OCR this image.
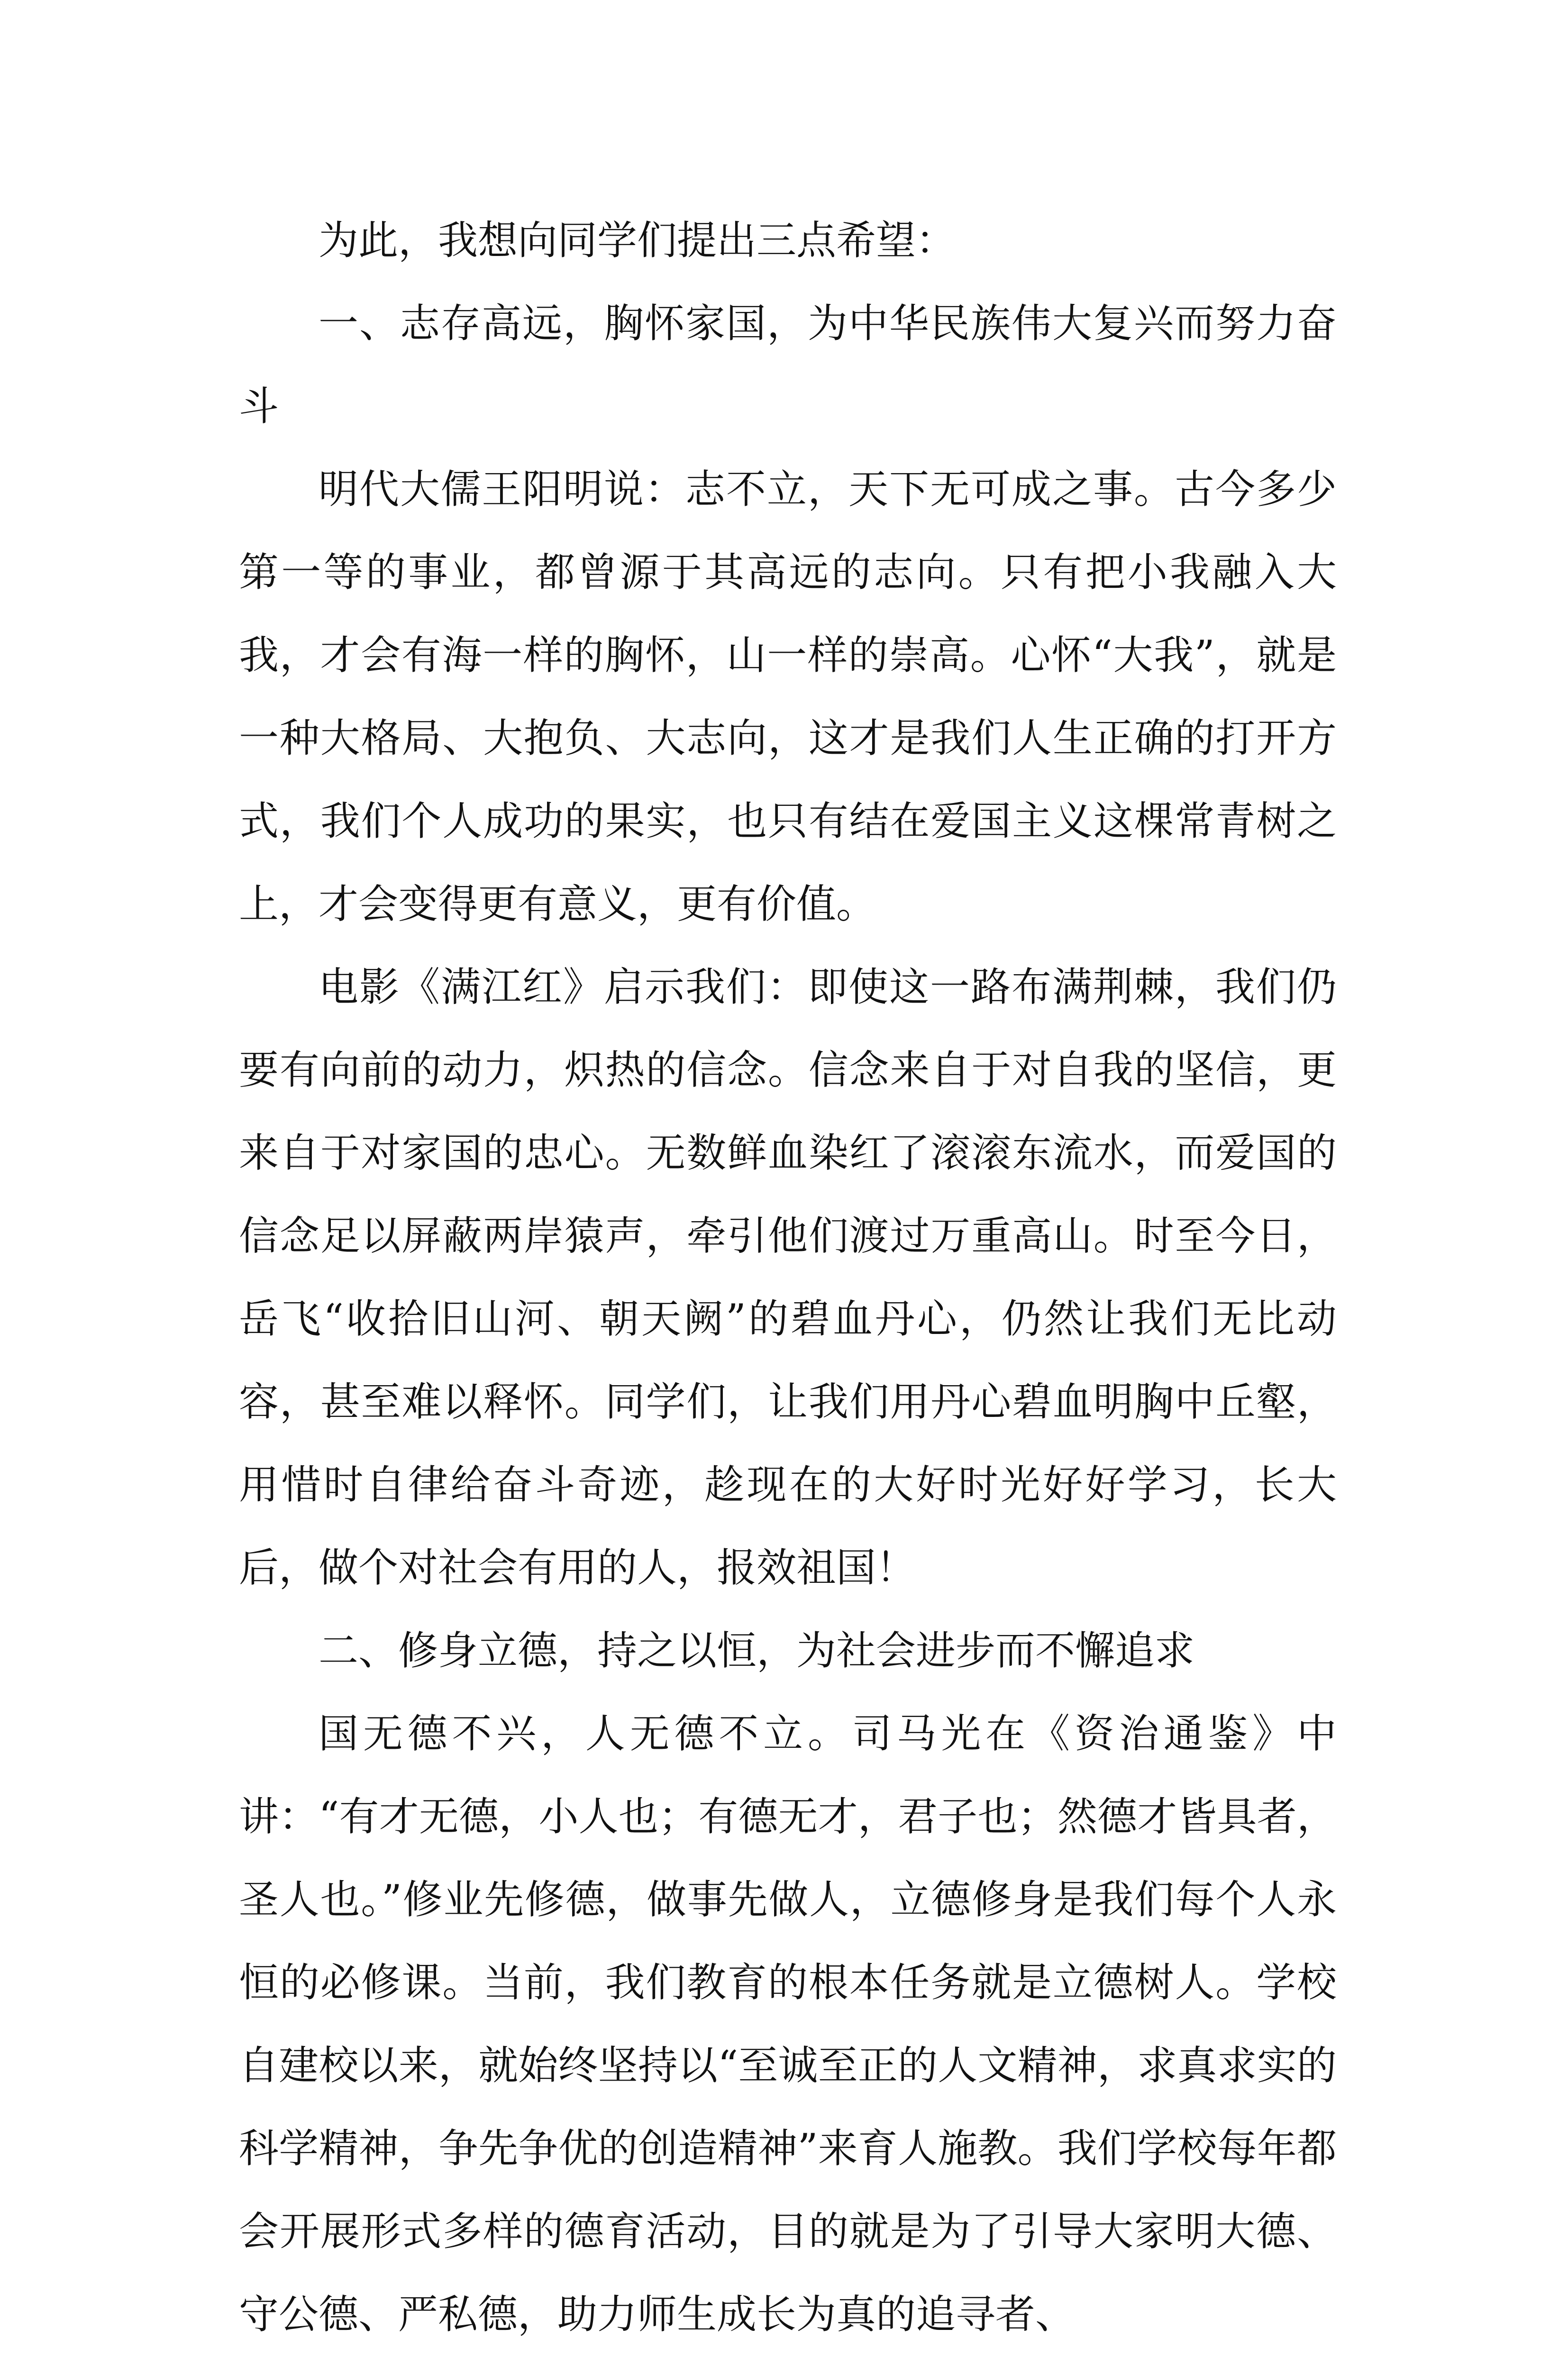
为此，我想向同学们提出三点希望：

一、志存高远，胸怀家国，为中华民族伟大复兴而努力奋斗

明代大儒王阳明说：志不立，天下无可成之事。古今多少第一等的事业，都曾源于其高远的志向。只有把小我融入大我，才会有海一样的胸怀，山一样的崇高。心怀“大我”，就是一种大格局、大抱负、大志向，这才是我们人生正确的打开方式，我们个人成功的果实，也只有结在爱国主义这棵常青树之上，才会变得更有意义，更有价值。

电影《满江红》启示我们：即使这一路布满荆棘，我们仍要有向前的动力，炽热的信念。信念来自于对自我的坚信，更来自于对家国的忠心。无数鲜血染红了滚滚东流水，而爱国的信念足以屏蔽两岸猿声，牵引他们渡过万重高山。时至今日，岳飞“收拾旧山河、朝天阙”的碧血丹心，仍然让我们无比动容，甚至难以释怀。同学们，让我们用丹心碧血明胸中丘壑，用惜时自律给奋斗奇迹，趁现在的大好时光好好学习，长大后，做个对社会有用的人，报效祖国！

二、修身立德，持之以恒，为社会进步而不懈追求

国无德不兴，人无德不立。司马光在《资治通鉴》中讲：“有才无德，小人也；有德无才，君子也；然德才皆具者，圣人也。”修业先修德，做事先做人，立德修身是我们每个人永恒的必修课。当前，我们教育的根本任务就是立德树人。学校自建校以来，就始终坚持以“至诚至正的人文精神，求真求实的科学精神，争先争优的创造精神”来育人施教。我们学校每年都会开展形式多样的德育活动，目的就是为了引导大家明大德、守公德、严私德，助力师生成长为真的追寻者、
